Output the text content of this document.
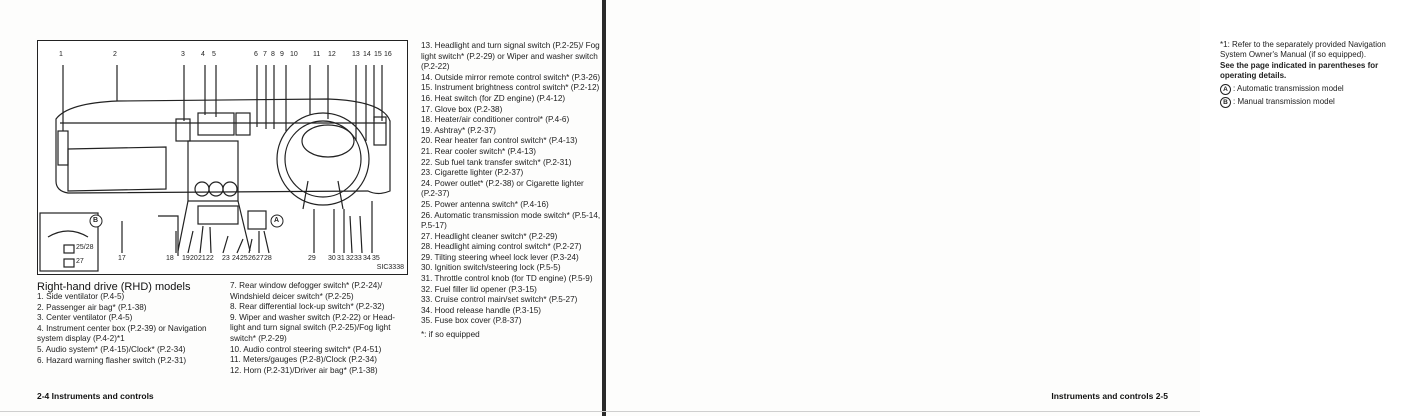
1	2	3 4 5	6 7 8 9 10 11 12 13 14 15 16
17	18 19 20 21 22 23 24 25 26 27 28	29 30 31 32 33 34 35
25/28
27
B	A
SIC3338
Right-hand drive (RHD) models
1. Side ventilator (P.4-5)
2. Passenger air bag* (P.1-38)
3. Center ventilator (P.4-5)
4. Instrument center box (P.2-39) or Navigation system display (P.4-2)*1
5. Audio system* (P.4-15)/Clock* (P.2-34)
6. Hazard warning flasher switch (P.2-31)
7. Rear window defogger switch* (P.2-24)/ Windshield deicer switch* (P.2-25)
8. Rear differential lock-up switch* (P.2-32)
9. Wiper and washer switch (P.2-22) or Head-light and turn signal switch (P.2-25)/Fog light switch* (P.2-29)
10. Audio control steering switch* (P.4-51)
11. Meters/gauges (P.2-8)/Clock (P.2-34)
12. Horn (P.2-31)/Driver air bag* (P.1-38)
13. Headlight and turn signal switch (P.2-25)/ Fog light switch* (P.2-29) or Wiper and washer switch (P.2-22)
14. Outside mirror remote control switch* (P.3-26)
15. Instrument brightness control switch* (P.2-12)
16. Heat switch (for ZD engine) (P.4-12)
17. Glove box (P.2-38)
18. Heater/air conditioner control* (P.4-6)
19. Ashtray* (P.2-37)
20. Rear heater fan control switch* (P.4-13)
21. Rear cooler switch* (P.4-13)
22. Sub fuel tank transfer switch* (P.2-31)
23. Cigarette lighter (P.2-37)
24. Power outlet* (P.2-38) or Cigarette lighter (P.2-37)
25. Power antenna switch* (P.4-16)
26. Automatic transmission mode switch* (P.5-14, P.5-17)
27. Headlight cleaner switch* (P.2-29)
28. Headlight aiming control switch* (P.2-27)
29. Tilting steering wheel lock lever (P.3-24)
30. Ignition switch/steering lock (P.5-5)
31. Throttle control knob (for TD engine) (P.5-9)
32. Fuel filler lid opener (P.3-15)
33. Cruise control main/set switch* (P.5-27)
34. Hood release handle (P.3-15)
35. Fuse box cover (P.8-37)
*: if so equipped
2-4 Instruments and controls
*1: Refer to the separately provided Navigation System Owner's Manual (if so equipped).
See the page indicated in parentheses for operating details.
A : Automatic transmission model
B : Manual transmission model
Instruments and controls 2-5
